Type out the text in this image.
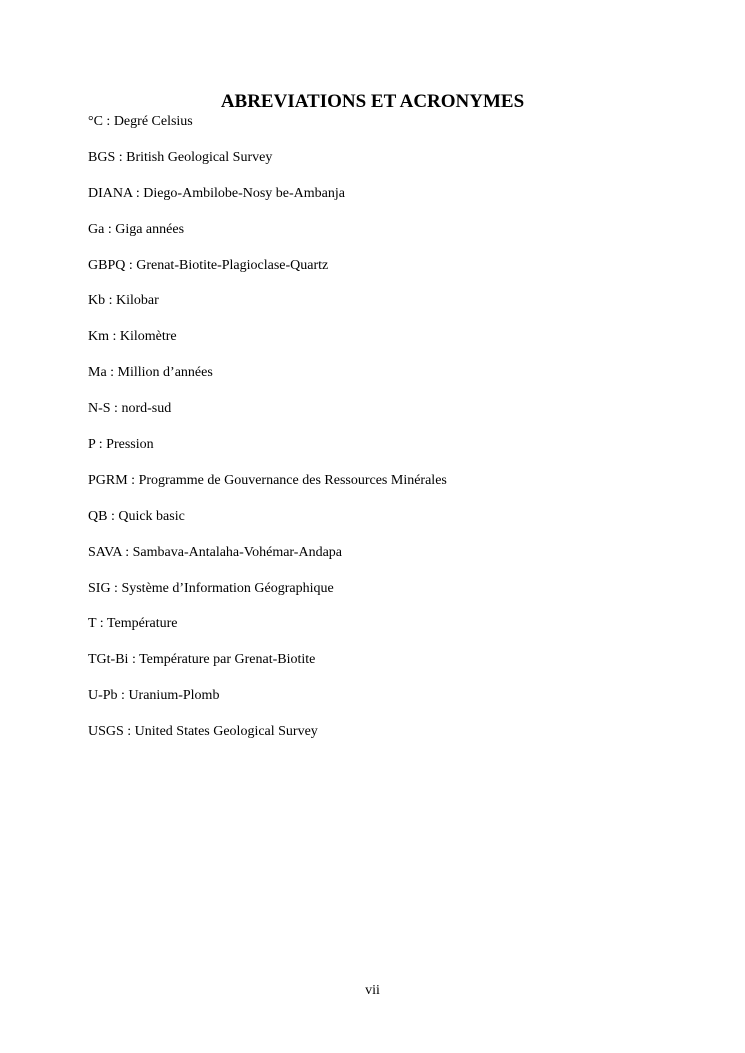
ABREVIATIONS ET ACRONYMES
°C : Degré Celsius
BGS : British Geological Survey
DIANA : Diego-Ambilobe-Nosy be-Ambanja
Ga : Giga années
GBPQ : Grenat-Biotite-Plagioclase-Quartz
Kb : Kilobar
Km : Kilomètre
Ma : Million d’années
N-S : nord-sud
P : Pression
PGRM : Programme de Gouvernance des Ressources Minérales
QB : Quick basic
SAVA : Sambava-Antalaha-Vohémar-Andapa
SIG : Système d’Information Géographique
T : Température
TGt-Bi : Température par Grenat-Biotite
U-Pb : Uranium-Plomb
USGS : United States Geological Survey
vii
